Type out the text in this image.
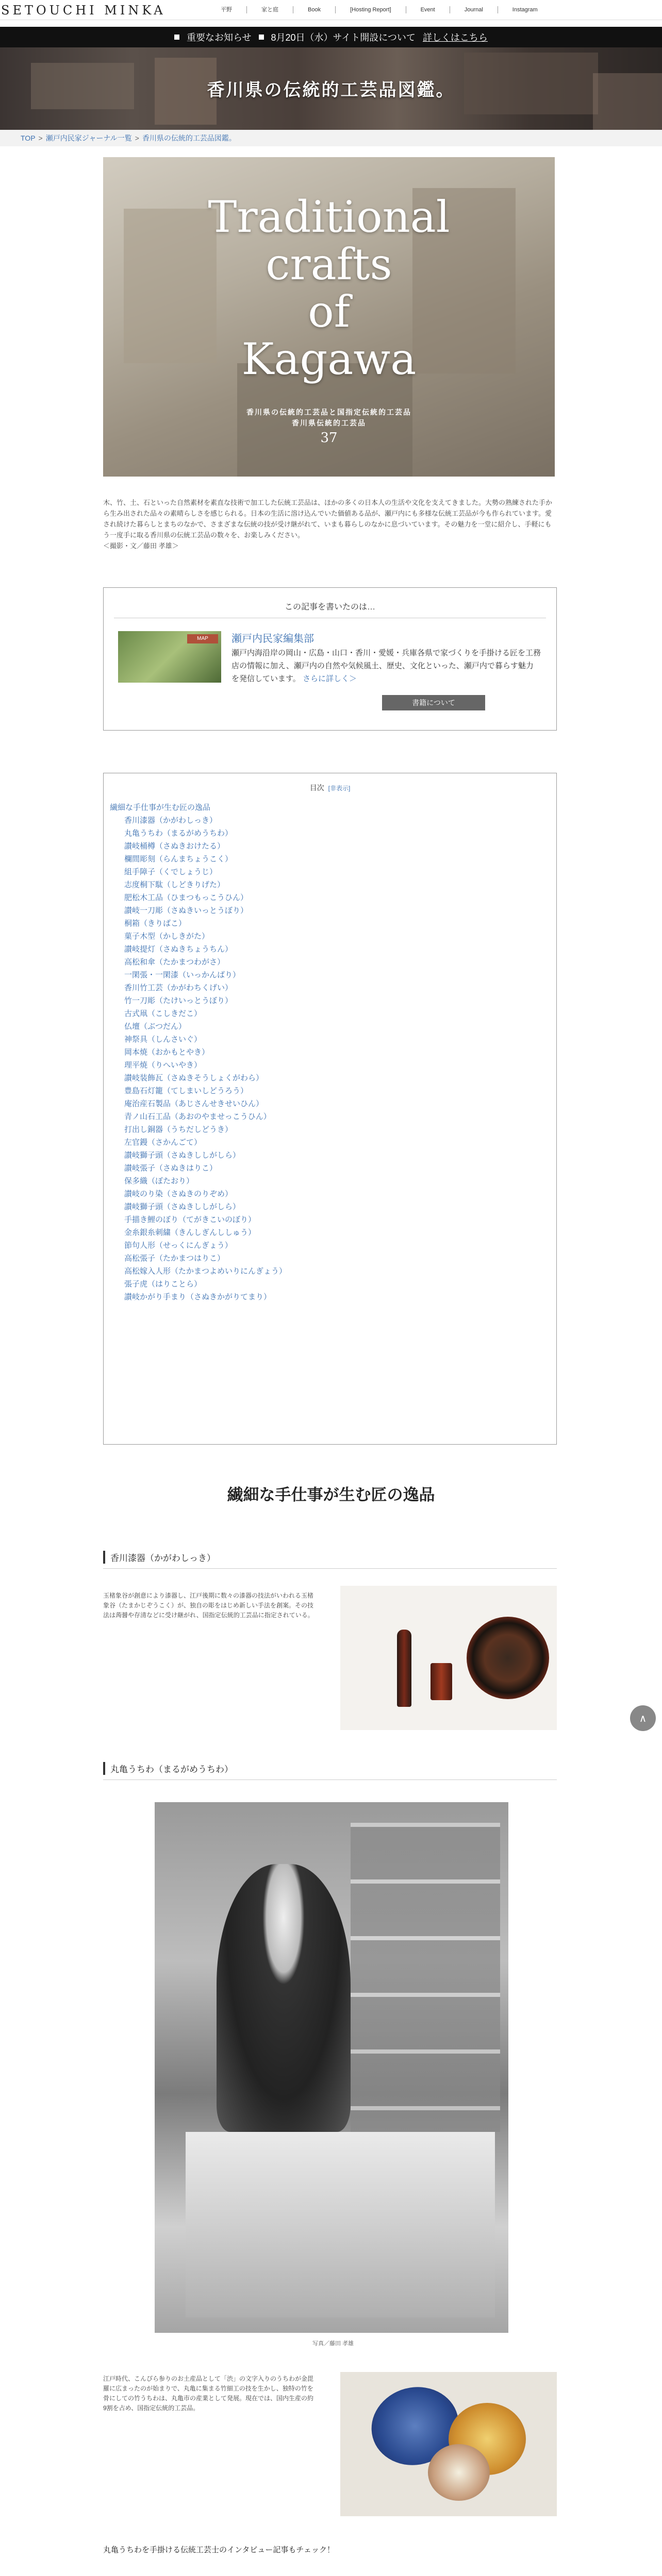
SETOUCHI MINKA	平野	家と庭	Book	[Hosting Report]	Event	Journal	Instagram
重要なお知らせ 8月20日（水）サイト開設について 詳しくはこちら
香川県の伝統的工芸品図鑑。
TOP > 瀬戸内民家ジャーナル一覧 > 香川県の伝統的工芸品図鑑。
Traditional
crafts
of
Kagawa
香川県の伝統的工芸品と国指定伝統的工芸品
香川県伝統的工芸品
37
木、竹、土、石といった自然素材を素直な技術で加工した伝統工芸品は、ほかの多くの日本人の生活や文化を支えてきました。大勢の熟練された手から生み出された品々の素晴らしさを感じられる。日本の生活に溶け込んでいた価値ある品が、瀬戸内にも多様な伝統工芸品が今も作られています。愛され続けた暮らしとまちのなかで、さまざまな伝統の技が受け継がれて、いまも暮らしのなかに息づいています。その魅力を一堂に紹介し、手軽にもう一度手に取る香川県の伝統工芸品の数々を、お楽しみください。
＜撮影・文／藤田 孝雄＞
この記事を書いたのは…
MAP	瀬戸内民家編集部
瀬戸内海沿岸の岡山・広島・山口・香川・愛媛・兵庫各県で家づくりを手掛ける匠を工務店の情報に加え、瀬戸内の自然や気候風土、歴史、文化といった、瀬戸内で暮らす魅力を発信しています。 さらに詳しく＞
書籍について
目次 [非表示]
繊細な手仕事が生む匠の逸品
香川漆器（かがわしっき）
丸亀うちわ（まるがめうちわ）
讃岐桶樽（さぬきおけたる）
欄間彫刻（らんまちょうこく）
組手障子（くでしょうじ）
志度桐下駄（しどきりげた）
肥松木工品（ひまつもっこうひん）
讃岐一刀彫（さぬきいっとうぼり）
桐箱（きりばこ）
菓子木型（かしきがた）
讃岐提灯（さぬきちょうちん）
高松和傘（たかまつわがさ）
一閑張・一閑漆（いっかんばり）
香川竹工芸（かがわちくげい）
竹一刀彫（たけいっとうぼり）
古式凧（こしきだこ）
仏壇（ぶつだん）
神祭具（しんさいぐ）
岡本焼（おかもとやき）
理平焼（りへいやき）
讃岐装飾瓦（さぬきそうしょくがわら）
豊島石灯籠（てしまいしどうろう）
庵治産石製品（あじさんせきせいひん）
青ノ山石工品（あおのやませっこうひん）
打出し銅器（うちだしどうき）
左官鏝（さかんごて）
讃岐獅子頭（さぬきししがしら）
讃岐張子（さぬきはりこ）
保多織（ぼたおり）
讃岐のり染（さぬきのりぞめ）
讃岐獅子頭（さぬきししがしら）
手描き鯉のぼり（てがきこいのぼり）
金糸銀糸刺繍（きんしぎんししゅう）
節句人形（せっくにんぎょう）
高松張子（たかまつはりこ）
高松嫁入人形（たかまつよめいりにんぎょう）
張子虎（はりことら）
讃岐かがり手まり（さぬきかがりてまり）
繊細な手仕事が生む匠の逸品
香川漆器（かがわしっき）
玉楮象谷が創意により漆器し、江戸後期に数々の漆器の技法がいわれる玉楮象谷（たまかじぞうこく）が、独自の彫をはじめ新しい手法を創案。その技法は蒟醤や存清などに受け継がれ、国指定伝統的工芸品に指定されている。
丸亀うちわ（まるがめうちわ）
写真／藤田 孝雄
江戸時代、こんぴら参りのお土産品として「渋」の文字入りのうちわが金毘羅に広まったのが始まりで、丸亀に集まる竹細工の技を生かし、独特の竹を骨にしての竹うちわは、丸亀市の産業として発展。現在では、国内生産の約9割を占め、国指定伝統的工芸品。
丸亀うちわを手掛ける伝統工芸士のインタビュー記事もチェック！
∧
